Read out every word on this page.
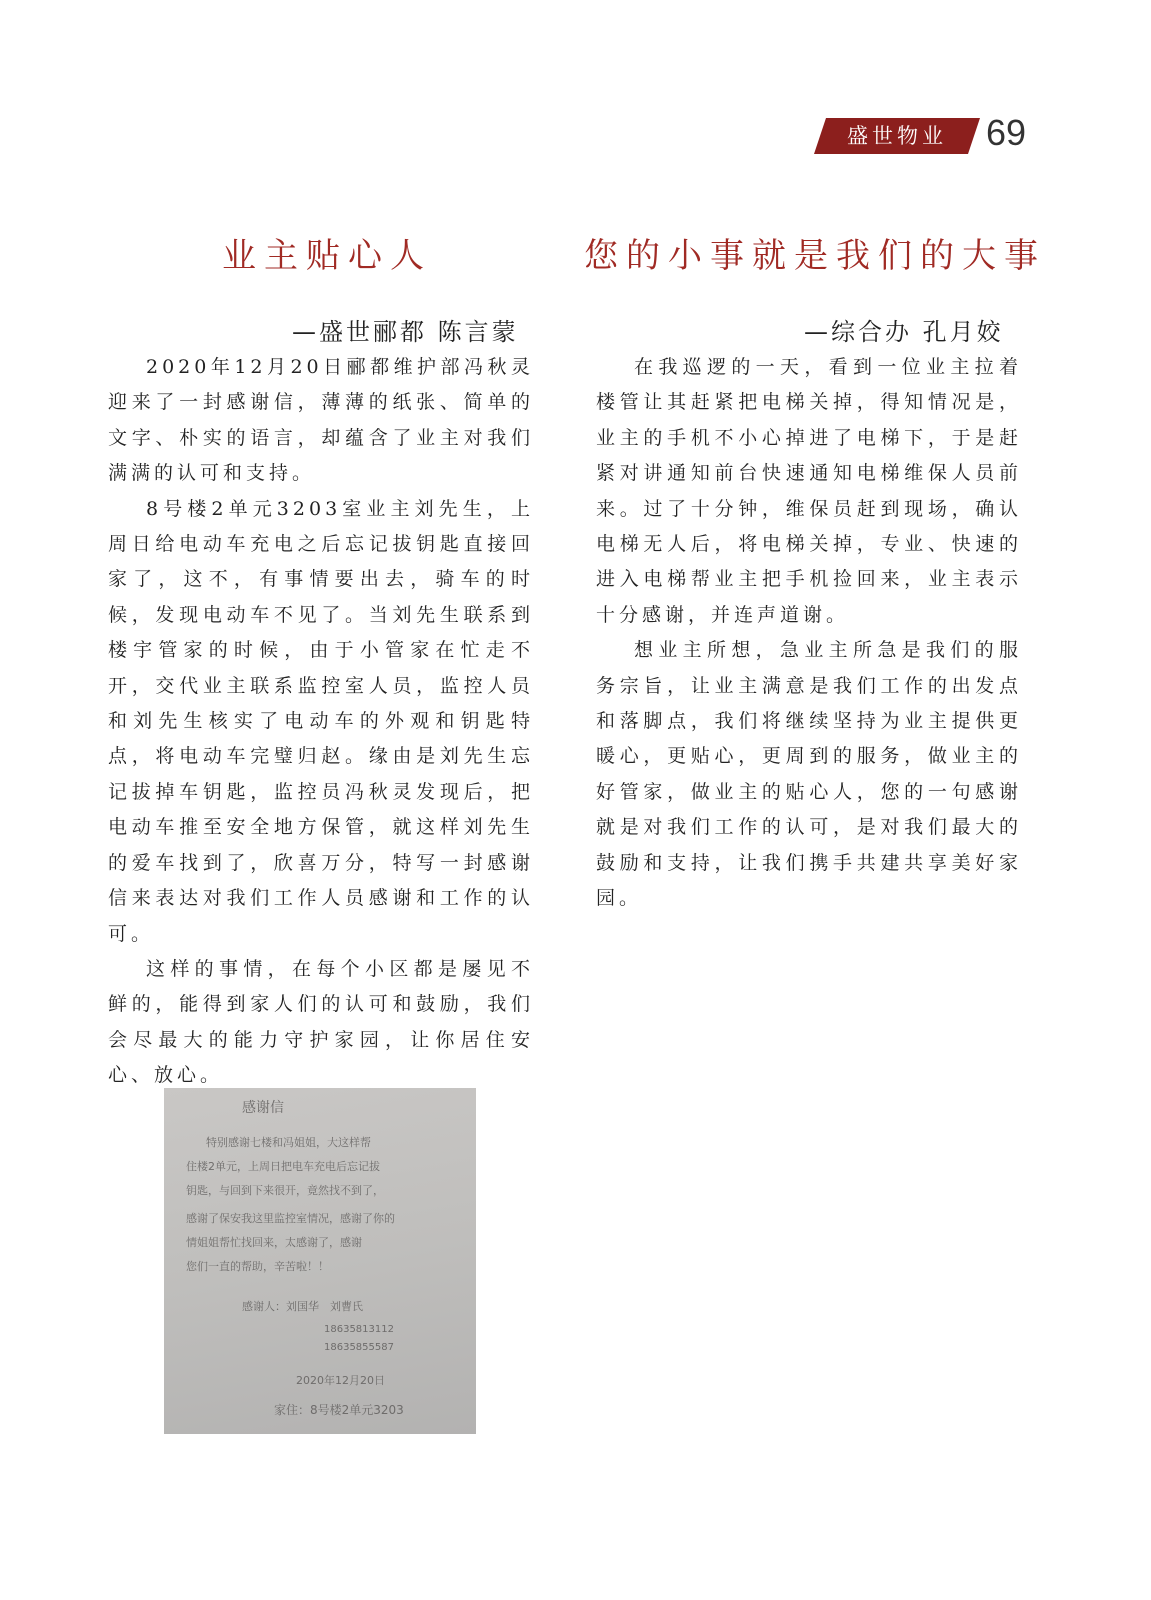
盛世物业	69
业主贴心人
—盛世郦都 陈言蒙

2020年12月20日郦都维护部冯秋灵迎来了一封感谢信，薄薄的纸张、简单的文字、朴实的语言，却蕴含了业主对我们满满的认可和支持。

8号楼2单元3203室业主刘先生，上周日给电动车充电之后忘记拔钥匙直接回家了，这不，有事情要出去，骑车的时候，发现电动车不见了。当刘先生联系到楼宇管家的时候，由于小管家在忙走不开，交代业主联系监控室人员，监控人员和刘先生核实了电动车的外观和钥匙特点，将电动车完璧归赵。缘由是刘先生忘记拔掉车钥匙，监控员冯秋灵发现后，把电动车推至安全地方保管，就这样刘先生的爱车找到了，欣喜万分，特写一封感谢信来表达对我们工作人员感谢和工作的认可。

这样的事情，在每个小区都是屡见不鲜的，能得到家人们的认可和鼓励，我们会尽最大的能力守护家园，让你居住安心、放心。

您的小事就是我们的大事
—综合办 孔月姣

在我巡逻的一天，看到一位业主拉着楼管让其赶紧把电梯关掉，得知情况是，业主的手机不小心掉进了电梯下，于是赶紧对讲通知前台快速通知电梯维保人员前来。过了十分钟，维保员赶到现场，确认电梯无人后，将电梯关掉，专业、快速的进入电梯帮业主把手机捡回来，业主表示十分感谢，并连声道谢。

想业主所想，急业主所急是我们的服务宗旨，让业主满意是我们工作的出发点和落脚点，我们将继续坚持为业主提供更暖心，更贴心，更周到的服务，做业主的好管家，做业主的贴心人，您的一句感谢就是对我们工作的认可，是对我们最大的鼓励和支持，让我们携手共建共享美好家园。

感谢信
特别感谢七楼和冯姐姐，大这样帮
住楼2单元，上周日把电车充电后忘记拔
钥匙，与回到下来很开，竟然找不到了，
感谢了保安我这里监控室情况，感谢了你的
情姐姐帮忙找回来，太感谢了，感谢
您们一直的帮助，辛苦啦！！
感谢人：刘国华　刘曹氏
18635813112
18635855587
2020年12月20日
家住：8号楼2单元3203
